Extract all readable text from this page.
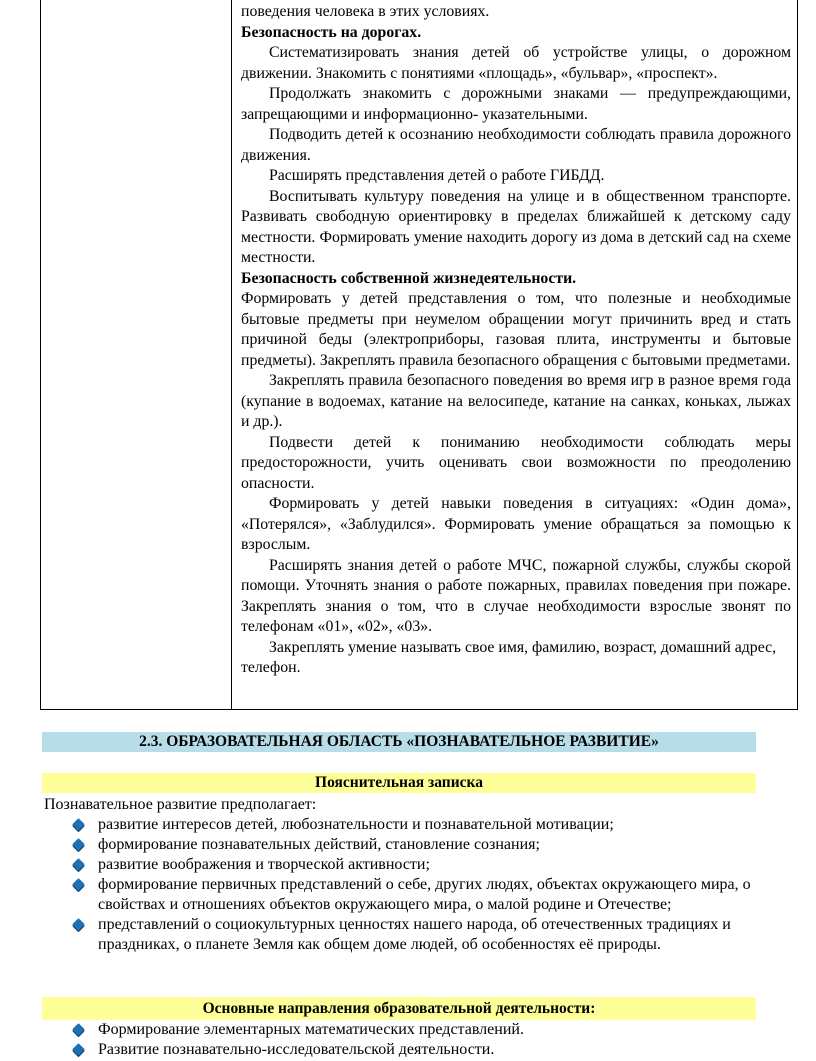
поведения человека в этих условиях.

Безопасность на дорогах.

Систематизировать знания детей об устройстве улицы, о дорожном движении. Знакомить с понятиями «площадь», «бульвар», «проспект».

Продолжать знакомить с дорожными знаками — предупреждающими, запрещающими и информационно- указательными.

Подводить детей к осознанию необходимости соблюдать правила дорожного движения.

Расширять представления детей о работе ГИБДД.

Воспитывать культуру поведения на улице и в общественном транспорте. Развивать свободную ориентировку в пределах ближайшей к детскому саду местности. Формировать умение находить дорогу из дома в детский сад на схеме местности.

Безопасность собственной жизнедеятельности.

Формировать у детей представления о том, что полезные и необходимые бытовые предметы при неумелом обращении могут причинить вред и стать причиной беды (электроприборы, газовая плита, инструменты и бытовые предметы). Закреплять правила безопасного обращения с бытовыми предметами.

Закреплять правила безопасного поведения во время игр в разное время года (купание в водоемах, катание на велосипеде, катание на санках, коньках, лыжах и др.).

Подвести детей к пониманию необходимости соблюдать меры предосторожности, учить оценивать свои возможности по преодолению опасности.

Формировать у детей навыки поведения в ситуациях: «Один дома», «Потерялся», «Заблудился». Формировать умение обращаться за помощью к взрослым.

Расширять знания детей о работе МЧС, пожарной службы, службы скорой помощи. Уточнять знания о работе пожарных, правилах поведения при пожаре. Закреплять знания о том, что в случае необходимости взрослые звонят по телефонам «01», «02», «03».

Закреплять умение называть свое имя, фамилию, возраст, домашний адрес, телефон.

2.3. ОБРАЗОВАТЕЛЬНАЯ ОБЛАСТЬ «ПОЗНАВАТЕЛЬНОЕ РАЗВИТИЕ»
Пояснительная записка
Познавательное развитие предполагает:
развитие интересов детей, любознательности и познавательной мотивации;
формирование познавательных действий, становление сознания;
развитие воображения и творческой активности;
формирование первичных представлений о себе, других людях, объектах окружающего мира, о свойствах и отношениях объектов окружающего мира, о малой родине и Отечестве;
представлений о социокультурных ценностях нашего народа, об отечественных традициях и праздниках, о планете Земля как общем доме людей, об особенностях её природы.
Основные направления образовательной деятельности:
Формирование элементарных математических представлений.
Развитие познавательно-исследовательской деятельности.
